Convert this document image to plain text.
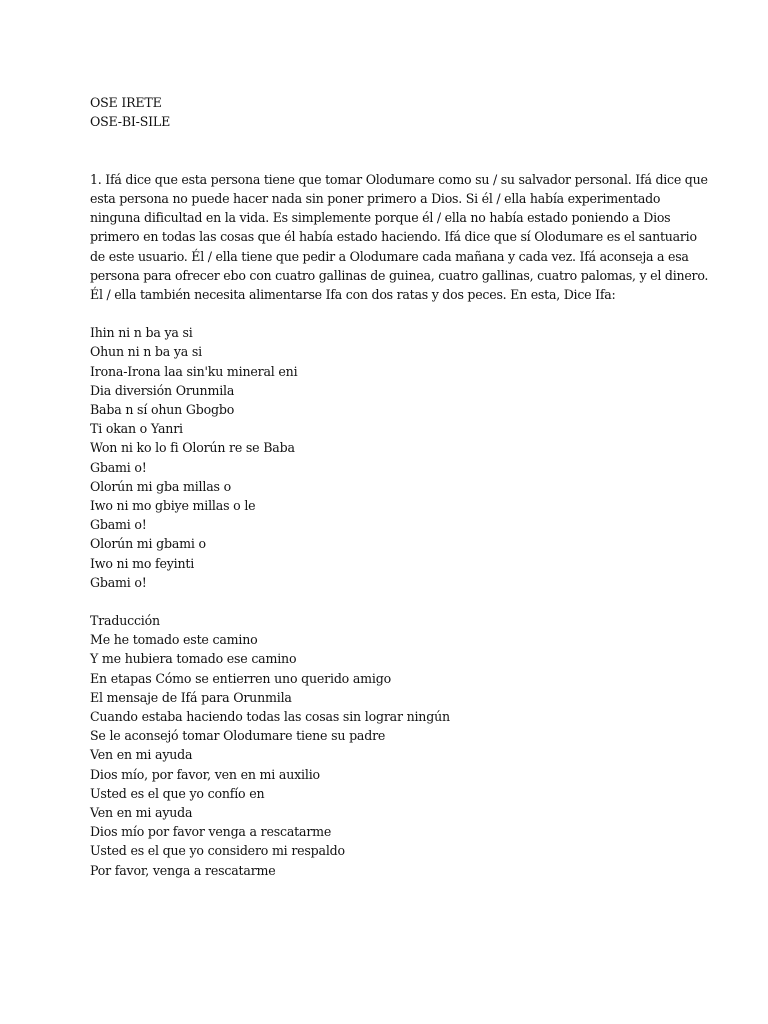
OSE IRETE
OSE-BI-SILE
1. Ifá dice que esta persona tiene que tomar Olodumare como su / su salvador personal. Ifá dice que
esta persona no puede hacer nada sin poner primero a Dios. Si él / ella había experimentado
ninguna dificultad en la vida. Es simplemente porque él / ella no había estado poniendo a Dios
primero en todas las cosas que él había estado haciendo. Ifá dice que sí Olodumare es el santuario
de este usuario. Él / ella tiene que pedir a Olodumare cada mañana y cada vez. Ifá aconseja a esa
persona para ofrecer ebo con cuatro gallinas de guinea, cuatro gallinas, cuatro palomas, y el dinero.
Él / ella también necesita alimentarse Ifa con dos ratas y dos peces. En esta, Dice Ifa:
Ihin ni n ba ya si
Ohun ni n ba ya si
Irona-Irona laa sin'ku mineral eni
Dia diversión Orunmila
Baba n sí ohun Gbogbo
Ti okan o Yanri
Won ni ko lo fi Olorún re se Baba
Gbami o!
Olorún mi gba millas o
Iwo ni mo gbiye millas o le
Gbami o!
Olorún mi gbami o
Iwo ni mo feyinti
Gbami o!
Traducción
Me he tomado este camino
Y me hubiera tomado ese camino
En etapas Cómo se entierren uno querido amigo
El mensaje de Ifá para Orunmila
Cuando estaba haciendo todas las cosas sin lograr ningún
Se le aconsejó tomar Olodumare tiene su padre
Ven en mi ayuda
Dios mío, por favor, ven en mi auxilio
Usted es el que yo confío en
Ven en mi ayuda
Dios mío por favor venga a rescatarme
Usted es el que yo considero mi respaldo
Por favor, venga a rescatarme
